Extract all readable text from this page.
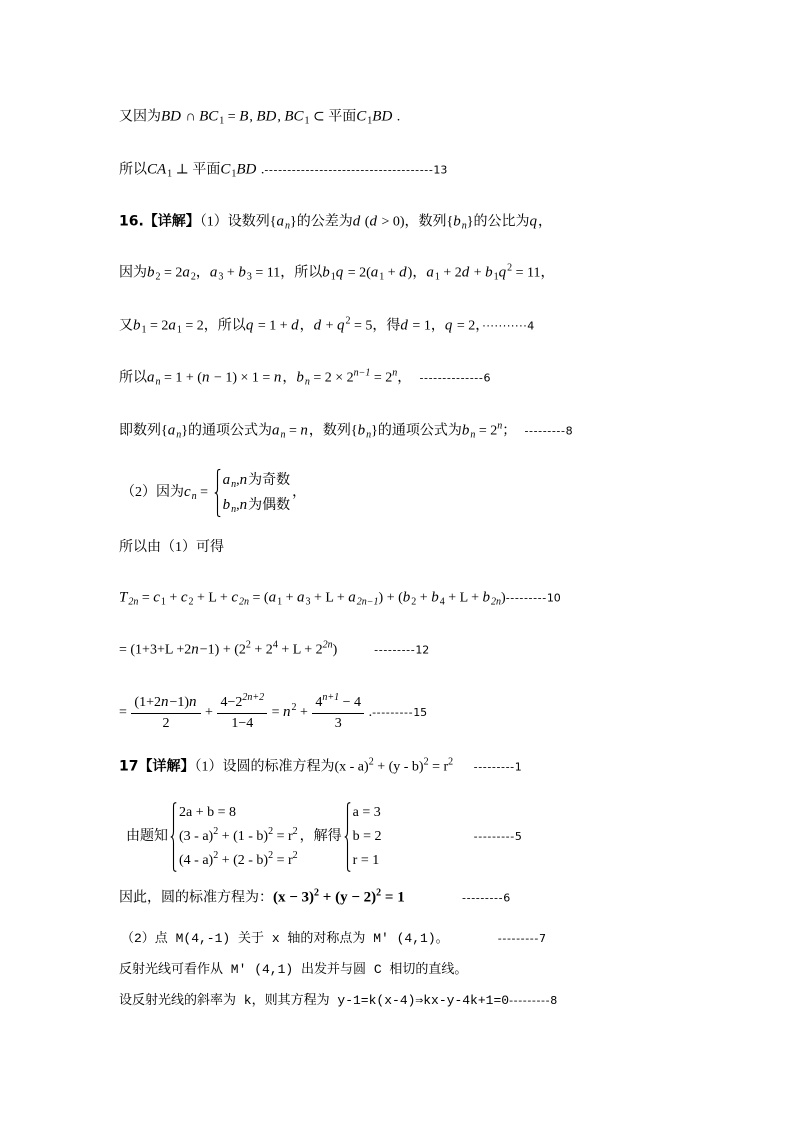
又因为BD ∩ $BC_1 = B$, BD, $BC_1$ ⊂ 平面$C_1BD$ .
所以$CA_1$ ⊥ 平面$C_1BD$ .-------------------------------------13
16.【详解】（1）设数列$\{a_n\}$的公差为d (d > 0)，数列$\{b_n\}$的公比为q，
因为$b_2 = 2a_2$，$a_3 + b_3 = 11$，所以$b_1q = 2(a_1 + d)$，$a_1 + 2d + b_1q^2 = 11$，
又$b_1 = 2a_1 = 2$，所以q = 1 + d，$d + q^2 = 5$，得d = 1，q = 2，···········4
所以$a_n = 1 + (n - 1) \times 1 = n$，$b_n = 2 \times 2^{n-1} = 2^n$，  --------------6
即数列$\{a_n\}$的通项公式为$a_n = n$，数列$\{b_n\}$的通项公式为$b_n = 2^n$；  ---------8
（2）因为$c_n$ =
$a_n,n$为奇数
$b_n,n$为偶数
，
所以由（1）可得
$T_{2n} = c_1 + c_2 + L + c_{2n} = (a_1 + a_3 + L + a_{2n-1}) + (b_2 + b_4 + L + b_{2n})---------10$
= $(1+3+L +2n-1) + (2^2 + 2^4 + L + 2^{2n})$         ---------12
= $\frac{(1+2n-1)n}{2} + \frac{4-2^{2n+2}}{1-4} = n^2 + \frac{4^{n+1} - 4}{3} .---------15$
17【详解】（1）设圆的标准方程为$(x - a)^2 + (y - b)^2 = r^2$     ---------1
由题知
2a + b = 8
$(3 - a)^2 + (1 - b)^2 = r^2$
$(4 - a)^2 + (2 - b)^2 = r^2$
，解得
a = 3
b = 2
r = 1
---------5
因此，圆的标准方程为：$(x - 3)^2 + (y - 2)^2 = 1$              ---------6
（2）点 M(4,-1) 关于 x 轴的对称点为 M′ (4,1)。            ---------7
反射光线可看作从 M′ (4,1) 出发并与圆 C 相切的直线。
设反射光线的斜率为 k，则其方程为 y-1=k(x-4)⇒kx-y-4k+1=0---------8
